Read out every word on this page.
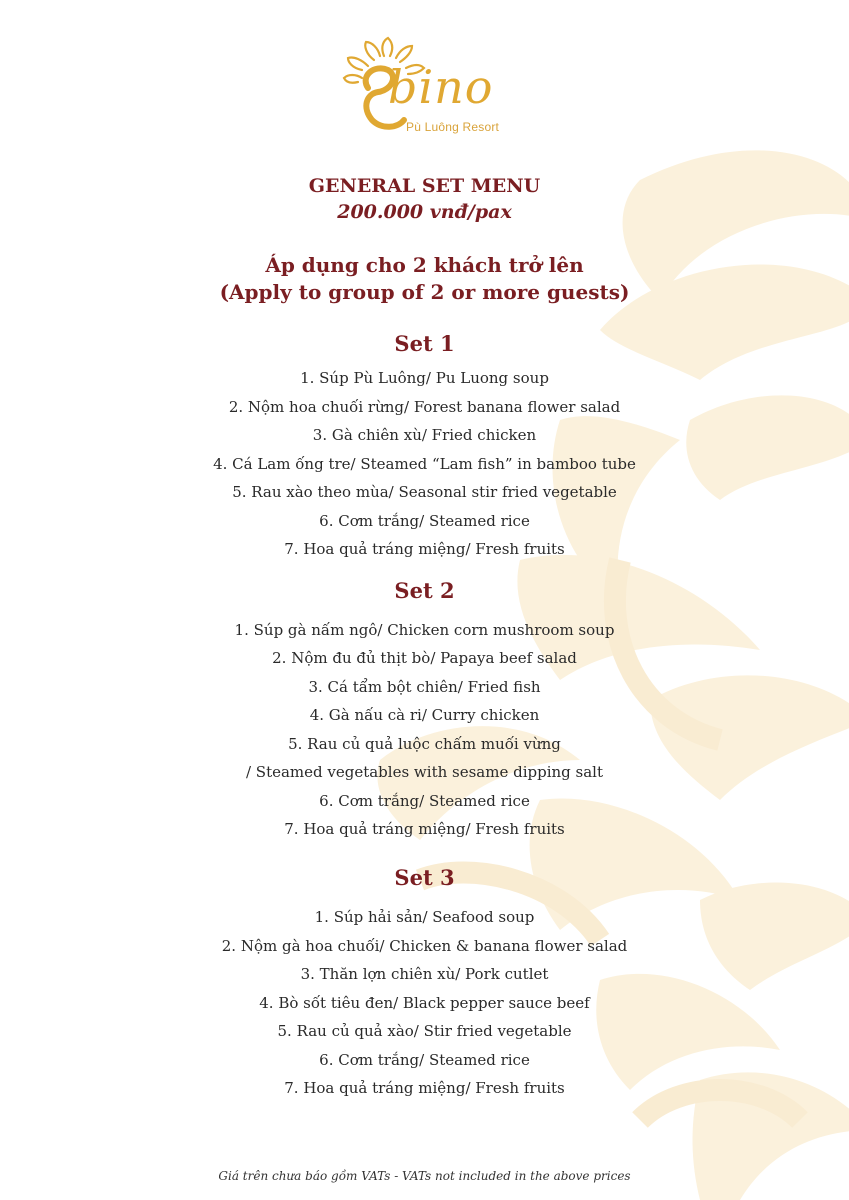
bino
Pù Luông Resort
GENERAL SET MENU
200.000 vnđ/pax
Áp dụng cho 2 khách trở lên
(Apply to group of 2 or more guests)
Set 1
1. Súp Pù Luông/ Pu Luong soup
2. Nộm hoa chuối rừng/ Forest banana flower salad
3. Gà chiên xù/ Fried chicken
4. Cá Lam ống tre/ Steamed “Lam fish” in bamboo tube
5. Rau xào theo mùa/ Seasonal stir fried vegetable
6. Cơm trắng/ Steamed rice
7. Hoa quả tráng miệng/ Fresh fruits
Set 2
1. Súp gà nấm ngô/ Chicken corn mushroom soup
2. Nộm đu đủ thịt bò/ Papaya beef salad
3. Cá tẩm bột chiên/ Fried fish
4. Gà nấu cà ri/ Curry chicken
5. Rau củ quả luộc chấm muối vừng
/ Steamed vegetables with sesame dipping salt
6. Cơm trắng/ Steamed rice
7. Hoa quả tráng miệng/ Fresh fruits
Set 3
1. Súp hải sản/ Seafood soup
2. Nộm gà hoa chuối/ Chicken & banana flower salad
3. Thăn lợn chiên xù/ Pork cutlet
4. Bò sốt tiêu đen/ Black pepper sauce beef
5. Rau củ quả xào/ Stir fried vegetable
6. Cơm trắng/ Steamed rice
7. Hoa quả tráng miệng/ Fresh fruits
Giá trên chưa báo gồm VATs - VATs not included in the above prices
